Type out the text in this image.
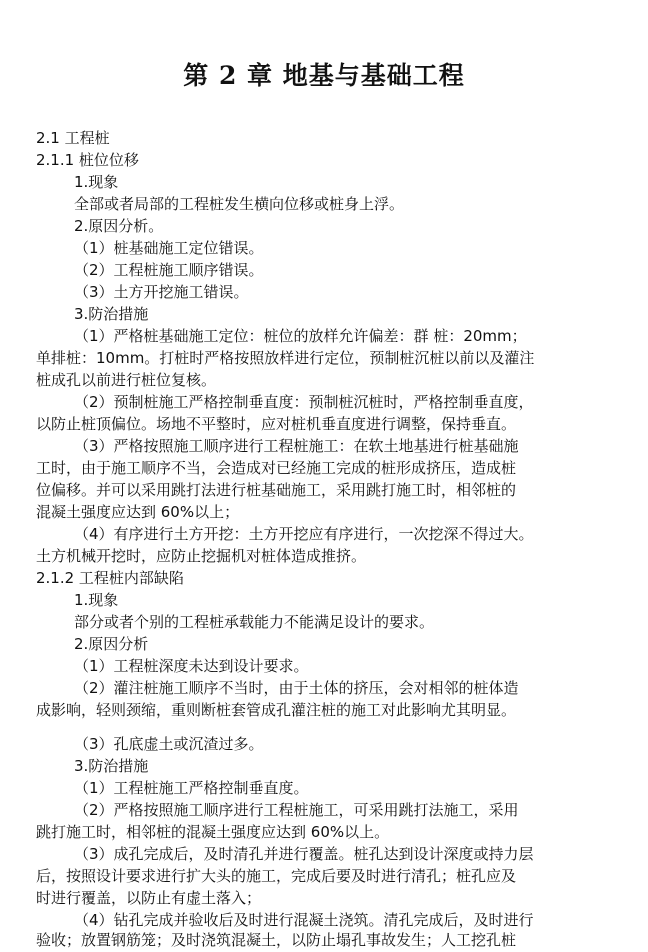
第 2 章 地基与基础工程
2.1 工程桩
2.1.1 桩位位移
1.现象
全部或者局部的工程桩发生横向位移或桩身上浮。
2.原因分析。
（1）桩基础施工定位错误。
（2）工程桩施工顺序错误。
（3）土方开挖施工错误。
3.防治措施
（1）严格桩基础施工定位：桩位的放样允许偏差：群 桩：20mm；
单排桩：10mm。打桩时严格按照放样进行定位，预制桩沉桩以前以及灌注
桩成孔以前进行桩位复核。
（2）预制桩施工严格控制垂直度：预制桩沉桩时，严格控制垂直度，
以防止桩顶偏位。场地不平整时，应对桩机垂直度进行调整，保持垂直。
（3）严格按照施工顺序进行工程桩施工：在软土地基进行桩基础施
工时，由于施工顺序不当，会造成对已经施工完成的桩形成挤压，造成桩
位偏移。并可以采用跳打法进行桩基础施工，采用跳打施工时，相邻桩的
混凝土强度应达到 60%以上；
（4）有序进行土方开挖：土方开挖应有序进行，一次挖深不得过大。
土方机械开挖时，应防止挖掘机对桩体造成推挤。
2.1.2 工程桩内部缺陷
1.现象
部分或者个别的工程桩承载能力不能满足设计的要求。
2.原因分析
（1）工程桩深度未达到设计要求。
（2）灌注桩施工顺序不当时，由于土体的挤压，会对相邻的桩体造
成影响，轻则颈缩，重则断桩套管成孔灌注桩的施工对此影响尤其明显。
（3）孔底虚土或沉渣过多。
3.防治措施
（1）工程桩施工严格控制垂直度。
（2）严格按照施工顺序进行工程桩施工，可采用跳打法施工，采用
跳打施工时，相邻桩的混凝土强度应达到 60%以上。
（3）成孔完成后，及时清孔并进行覆盖。桩孔达到设计深度或持力层
后，按照设计要求进行扩大头的施工，完成后要及时进行清孔；桩孔应及
时进行覆盖，以防止有虚土落入；
（4）钻孔完成并验收后及时进行混凝土浇筑。清孔完成后，及时进行
验收；放置钢筋笼；及时浇筑混凝土，以防止塌孔事故发生；人工挖孔桩
